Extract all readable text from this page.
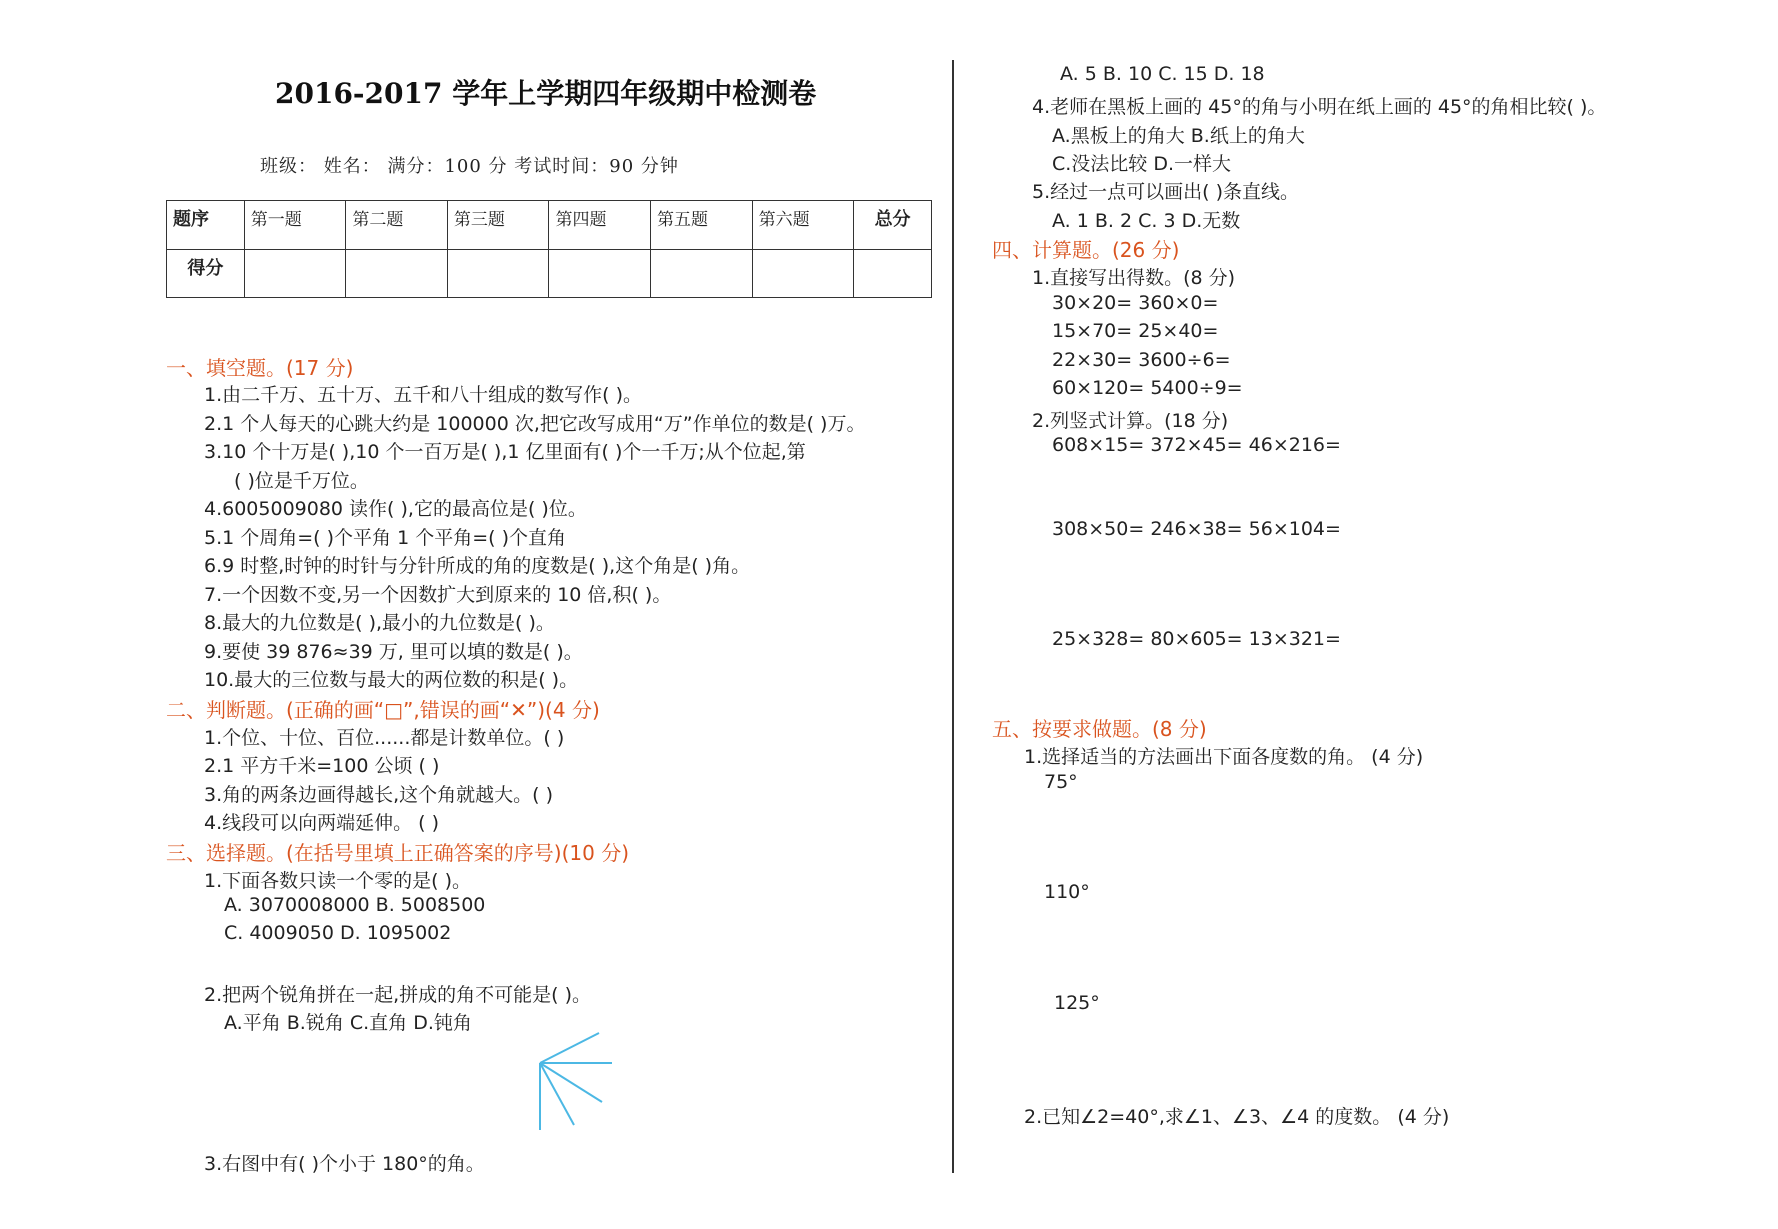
2016-2017 学年上学期四年级期中检测卷
班级： 姓名： 满分：100 分 考试时间：90 分钟
题序	第一题	第二题	第三题	第四题	第五题	第六题	总分
得分							
一、填空题。(17 分)
1.由二千万、五十万、五千和八十组成的数写作( )。
2.1 个人每天的心跳大约是 100000 次,把它改写成用“万”作单位的数是( )万。
3.10 个十万是( ),10 个一百万是( ),1 亿里面有( )个一千万;从个位起,第
( )位是千万位。
4.6005009080 读作( ),它的最高位是( )位。
5.1 个周角=( )个平角 1 个平角=( )个直角
6.9 时整,时钟的时针与分针所成的角的度数是( ),这个角是( )角。
7.一个因数不变,另一个因数扩大到原来的 10 倍,积( )。
8.最大的九位数是( ),最小的九位数是( )。
9.要使 39 876≈39 万, 里可以填的数是( )。
10.最大的三位数与最大的两位数的积是( )。
二、判断题。(正确的画“□”,错误的画“✕”)(4 分)
1.个位、十位、百位......都是计数单位。( )
2.1 平方千米=100 公顷 ( )
3.角的两条边画得越长,这个角就越大。( )
4.线段可以向两端延伸。 ( )
三、选择题。(在括号里填上正确答案的序号)(10 分)
1.下面各数只读一个零的是( )。
A. 3070008000 B. 5008500
C. 4009050 D. 1095002
2.把两个锐角拼在一起,拼成的角不可能是( )。
A.平角 B.锐角 C.直角 D.钝角
3.右图中有( )个小于 180°的角。
A. 5 B. 10 C. 15 D. 18
4.老师在黑板上画的 45°的角与小明在纸上画的 45°的角相比较( )。
A.黑板上的角大 B.纸上的角大
C.没法比较 D.一样大
5.经过一点可以画出( )条直线。
A. 1 B. 2 C. 3 D.无数
四、计算题。(26 分)
1.直接写出得数。(8 分)
30×20= 360×0=
15×70= 25×40=
22×30= 3600÷6=
60×120= 5400÷9=
2.列竖式计算。(18 分)
608×15= 372×45= 46×216=
308×50= 246×38= 56×104=
25×328= 80×605= 13×321=
五、按要求做题。(8 分)
1.选择适当的方法画出下面各度数的角。 (4 分)
75°
110°
125°
2.已知∠2=40°,求∠1、∠3、∠4 的度数。 (4 分)
